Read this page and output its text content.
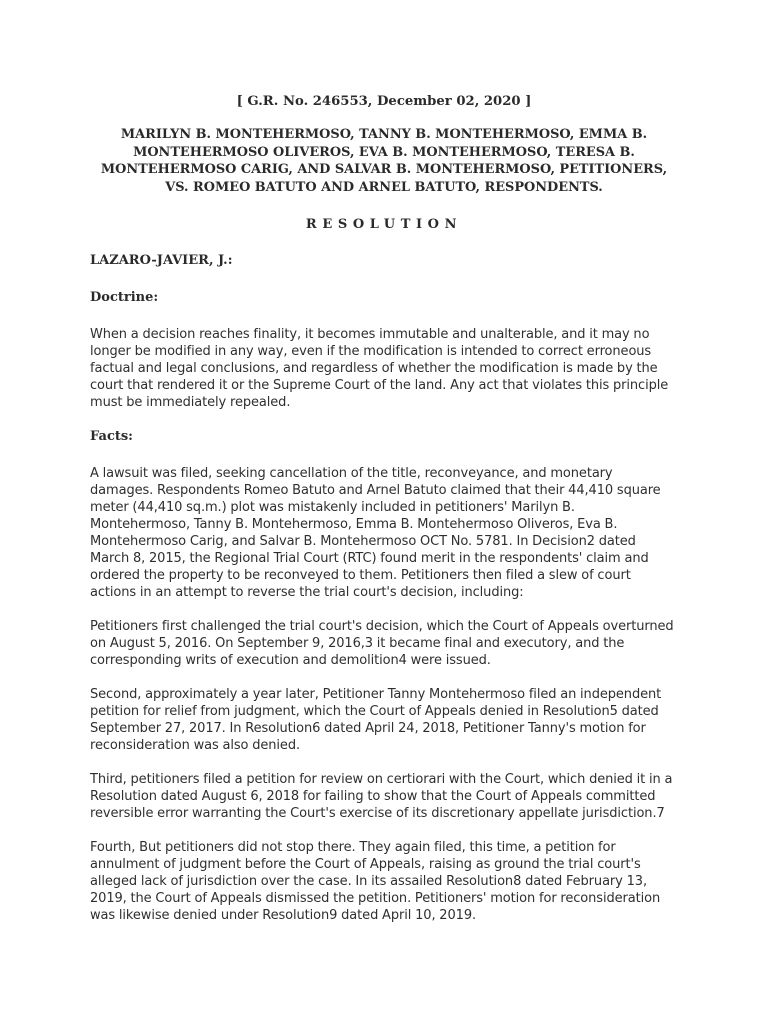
[ G.R. No. 246553, December 02, 2020 ]
MARILYN B. MONTEHERMOSO, TANNY B. MONTEHERMOSO, EMMA B. MONTEHERMOSO OLIVEROS, EVA B. MONTEHERMOSO, TERESA B. MONTEHERMOSO CARIG, AND SALVAR B. MONTEHERMOSO, PETITIONERS, VS. ROMEO BATUTO AND ARNEL BATUTO, RESPONDENTS.
RESOLUTION
LAZARO-JAVIER, J.:
Doctrine:
When a decision reaches finality, it becomes immutable and unalterable, and it may no longer be modified in any way, even if the modification is intended to correct erroneous factual and legal conclusions, and regardless of whether the modification is made by the court that rendered it or the Supreme Court of the land. Any act that violates this principle must be immediately repealed.
Facts:
A lawsuit was filed, seeking cancellation of the title, reconveyance, and monetary damages. Respondents Romeo Batuto and Arnel Batuto claimed that their 44,410 square meter (44,410 sq.m.) plot was mistakenly included in petitioners' Marilyn B. Montehermoso, Tanny B. Montehermoso, Emma B. Montehermoso Oliveros, Eva B. Montehermoso Carig, and Salvar B. Montehermoso OCT No. 5781. In Decision2 dated March 8, 2015, the Regional Trial Court (RTC) found merit in the respondents' claim and ordered the property to be reconveyed to them. Petitioners then filed a slew of court actions in an attempt to reverse the trial court's decision, including:
Petitioners first challenged the trial court's decision, which the Court of Appeals overturned on August 5, 2016. On September 9, 2016,3 it became final and executory, and the corresponding writs of execution and demolition4 were issued.
Second, approximately a year later, Petitioner Tanny Montehermoso filed an independent petition for relief from judgment, which the Court of Appeals denied in Resolution5 dated September 27, 2017. In Resolution6 dated April 24, 2018, Petitioner Tanny's motion for reconsideration was also denied.
Third, petitioners filed a petition for review on certiorari with the Court, which denied it in a Resolution dated August 6, 2018 for failing to show that the Court of Appeals committed reversible error warranting the Court's exercise of its discretionary appellate jurisdiction.7
Fourth, But petitioners did not stop there. They again filed, this time, a petition for annulment of judgment before the Court of Appeals, raising as ground the trial court's alleged lack of jurisdiction over the case. In its assailed Resolution8 dated February 13, 2019, the Court of Appeals dismissed the petition. Petitioners' motion for reconsideration was likewise denied under Resolution9 dated April 10, 2019.
